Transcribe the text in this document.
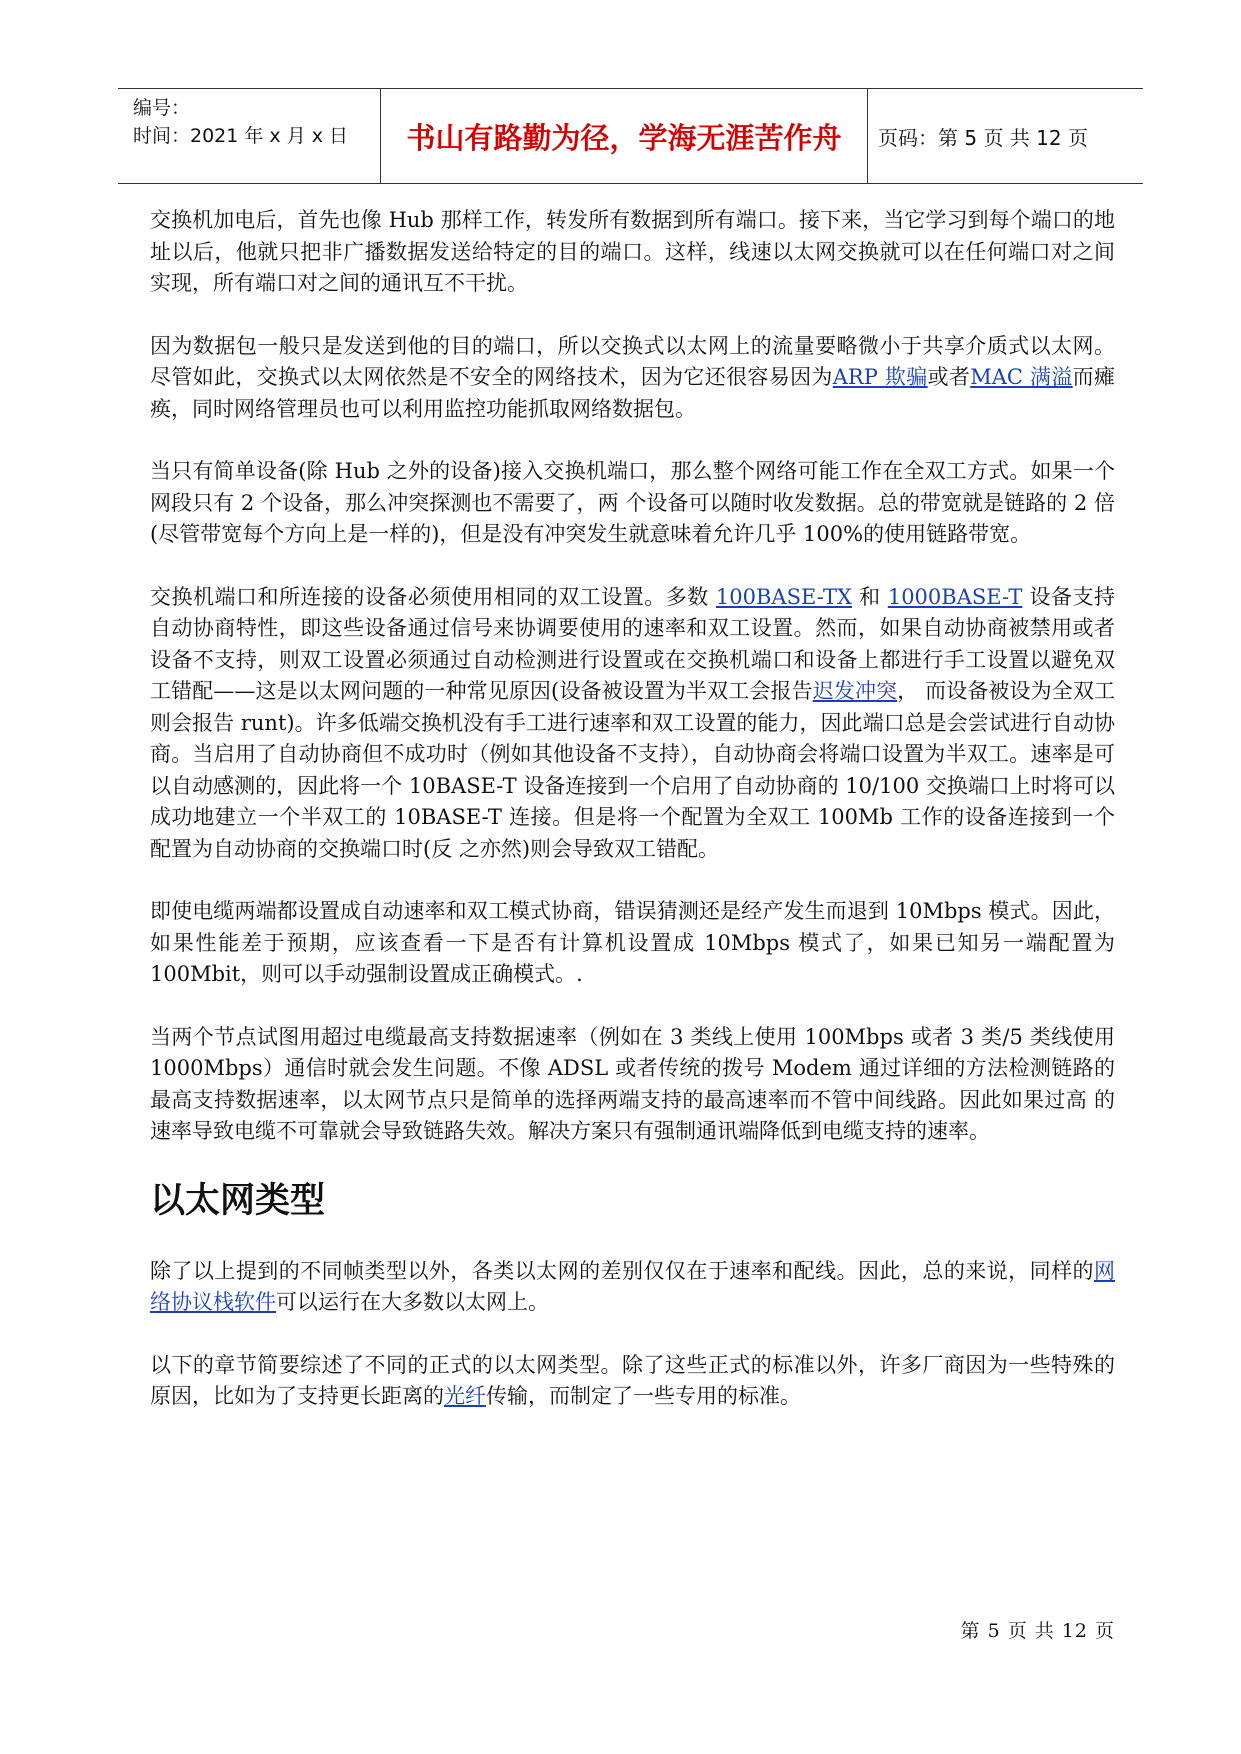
编号：
时间：2021 年 x 月 x 日	书山有路勤为径，学海无涯苦作舟	页码：第 5 页 共 12 页

交换机加电后，首先也像 Hub 那样工作，转发所有数据到所有端口。接下来，当它学习到每个端口的地址以后，他就只把非广播数据发送给特定的目的端口。这样，线速以太网交换就可以在任何端口对之间实现，所有端口对之间的通讯互不干扰。

因为数据包一般只是发送到他的目的端口，所以交换式以太网上的流量要略微小于共享介质式以太网。尽管如此，交换式以太网依然是不安全的网络技术，因为它还很容易因为ARP 欺骗或者MAC 满溢而瘫痪，同时网络管理员也可以利用监控功能抓取网络数据包。

当只有简单设备(除 Hub 之外的设备)接入交换机端口，那么整个网络可能工作在全双工方式。如果一个网段只有 2 个设备，那么冲突探测也不需要了，两 个设备可以随时收发数据。总的带宽就是链路的 2 倍(尽管带宽每个方向上是一样的)，但是没有冲突发生就意味着允许几乎 100%的使用链路带宽。

交换机端口和所连接的设备必须使用相同的双工设置。多数 100BASE-TX 和 1000BASE-T 设备支持自动协商特性，即这些设备通过信号来协调要使用的速率和双工设置。然而，如果自动协商被禁用或者设备不支持，则双工设置必须通过自动检测进行设置或在交换机端口和设备上都进行手工设置以避免双工错配——这是以太网问题的一种常见原因(设备被设置为半双工会报告迟发冲突， 而设备被设为全双工则会报告 runt)。许多低端交换机没有手工进行速率和双工设置的能力，因此端口总是会尝试进行自动协商。当启用了自动协商但不成功时（例如其他设备不支持），自动协商会将端口设置为半双工。速率是可以自动感测的，因此将一个 10BASE-T 设备连接到一个启用了自动协商的 10/100 交换端口上时将可以成功地建立一个半双工的 10BASE-T 连接。但是将一个配置为全双工 100Mb 工作的设备连接到一个配置为自动协商的交换端口时(反 之亦然)则会导致双工错配。

即使电缆两端都设置成自动速率和双工模式协商，错误猜测还是经产发生而退到 10Mbps 模式。因此，如果性能差于预期，应该查看一下是否有计算机设置成 10Mbps 模式了，如果已知另一端配置为 100Mbit，则可以手动强制设置成正确模式。.

当两个节点试图用超过电缆最高支持数据速率（例如在 3 类线上使用 100Mbps 或者 3 类/5 类线使用 1000Mbps）通信时就会发生问题。不像 ADSL 或者传统的拨号 Modem 通过详细的方法检测链路的最高支持数据速率，以太网节点只是简单的选择两端支持的最高速率而不管中间线路。因此如果过高 的速率导致电缆不可靠就会导致链路失效。解决方案只有强制通讯端降低到电缆支持的速率。

以太网类型

除了以上提到的不同帧类型以外，各类以太网的差别仅仅在于速率和配线。因此，总的来说，同样的网络协议栈软件可以运行在大多数以太网上。

以下的章节简要综述了不同的正式的以太网类型。除了这些正式的标准以外，许多厂商因为一些特殊的原因，比如为了支持更长距离的光纤传输，而制定了一些专用的标准。

第 5 页 共 12 页
